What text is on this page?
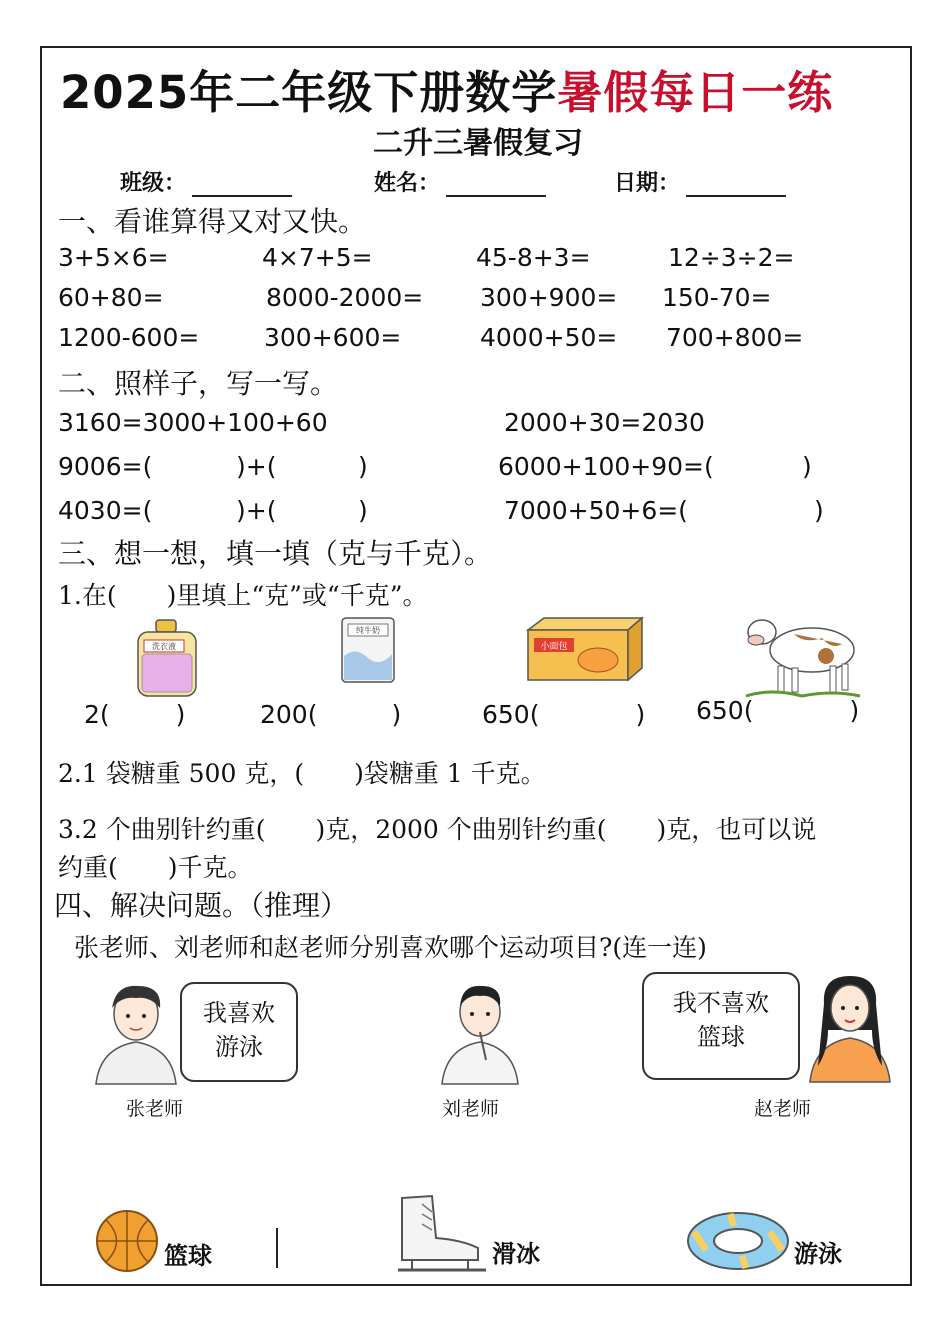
2025年二年级下册数学暑假每日一练
二升三暑假复习
班级：	姓名：	日期：
一、看谁算得又对又快。
3+5×6=	4×7+5=	45-8+3=	12÷3÷2=
60+80=	8000-2000= 300+900= 150-70=
1200-600=	300+600=	4000+50= 700+800=
二、照样子，写一写。
3160=3000+100+60	2000+30=2030
9006=(	)+(	)	6000+100+90=(	)
4030=(	)+(	)	7000+50+6=(	)
三、想一想，填一填（克与千克）。
1.在(　　)里填上“克”或“千克”。
洗衣液
纯牛奶
小面包
2(	)	200(	)	650(	) 650(	)
2.1 袋糖重 500 克，(　　)袋糖重 1 千克。
3.2 个曲别针约重(　　)克，2000 个曲别针约重(　　)克，也可以说
约重(　　)千克。
四、解决问题。（推理）
张老师、刘老师和赵老师分别喜欢哪个运动项目?(连一连)
我喜欢
游泳
张老师	刘老师
我不喜欢
篮球
赵老师
篮球	滑冰	游泳
